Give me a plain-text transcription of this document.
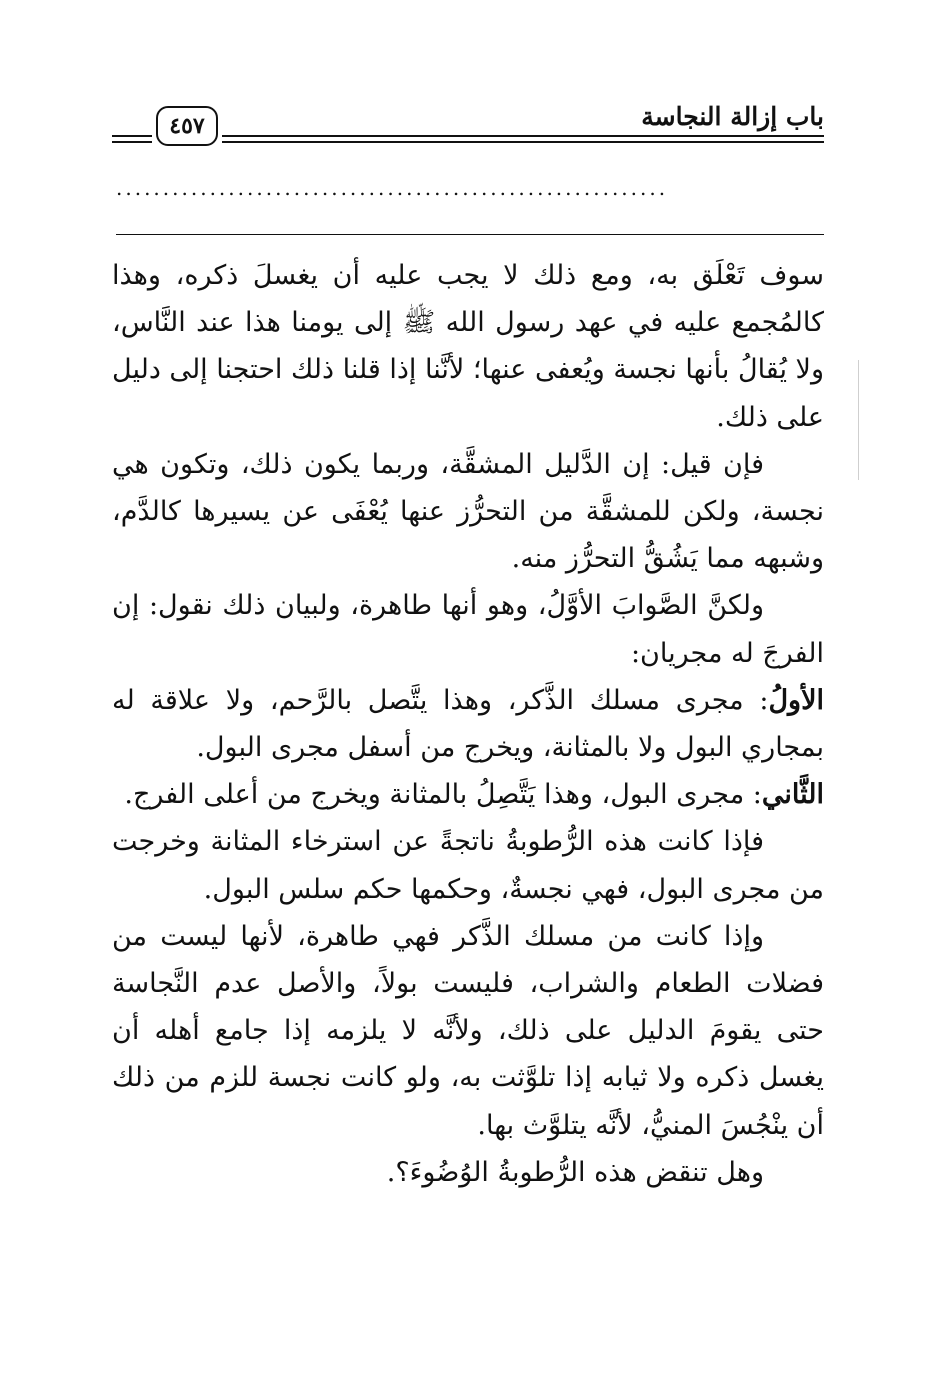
باب إزالة النجاسة
٤٥٧
...........................................................

سوف تَعْلَق به، ومع ذلك لا يجب عليه أن يغسلَ ذكره، وهذا كالمُجمع عليه في عهد رسول الله ﷺ إلى يومنا هذا عند النَّاس، ولا يُقالُ بأنها نجسة ويُعفى عنها؛ لأنَّنا إذا قلنا ذلك احتجنا إلى دليل على ذلك.

فإن قيل: إن الدَّليل المشقَّة، وربما يكون ذلك، وتكون هي نجسة، ولكن للمشقَّة من التحرُّز عنها يُعْفَى عن يسيرها كالدَّم، وشبهه مما يَشُقُّ التحرُّز منه.

ولكنَّ الصَّوابَ الأوَّلُ، وهو أنها طاهرة، ولبيان ذلك نقول: إن الفرجَ له مجريان:

الأولُ: مجرى مسلك الذَّكر، وهذا يتَّصل بالرَّحم، ولا علاقة له بمجاري البول ولا بالمثانة، ويخرج من أسفل مجرى البول.

الثَّاني: مجرى البول، وهذا يَتَّصِلُ بالمثانة ويخرج من أعلى الفرج.

فإذا كانت هذه الرُّطوبةُ ناتجةً عن استرخاء المثانة وخرجت من مجرى البول، فهي نجسةٌ، وحكمها حكم سلس البول.

وإذا كانت من مسلك الذَّكر فهي طاهرة، لأنها ليست من فضلات الطعام والشراب، فليست بولاً، والأصل عدم النَّجاسة حتى يقومَ الدليل على ذلك، ولأنَّه لا يلزمه إذا جامع أهله أن يغسل ذكره ولا ثيابه إذا تلوَّثت به، ولو كانت نجسة للزم من ذلك أن ينْجُسَ المنيُّ، لأنَّه يتلوَّث بها.

وهل تنقض هذه الرُّطوبةُ الوُضُوءَ؟.
